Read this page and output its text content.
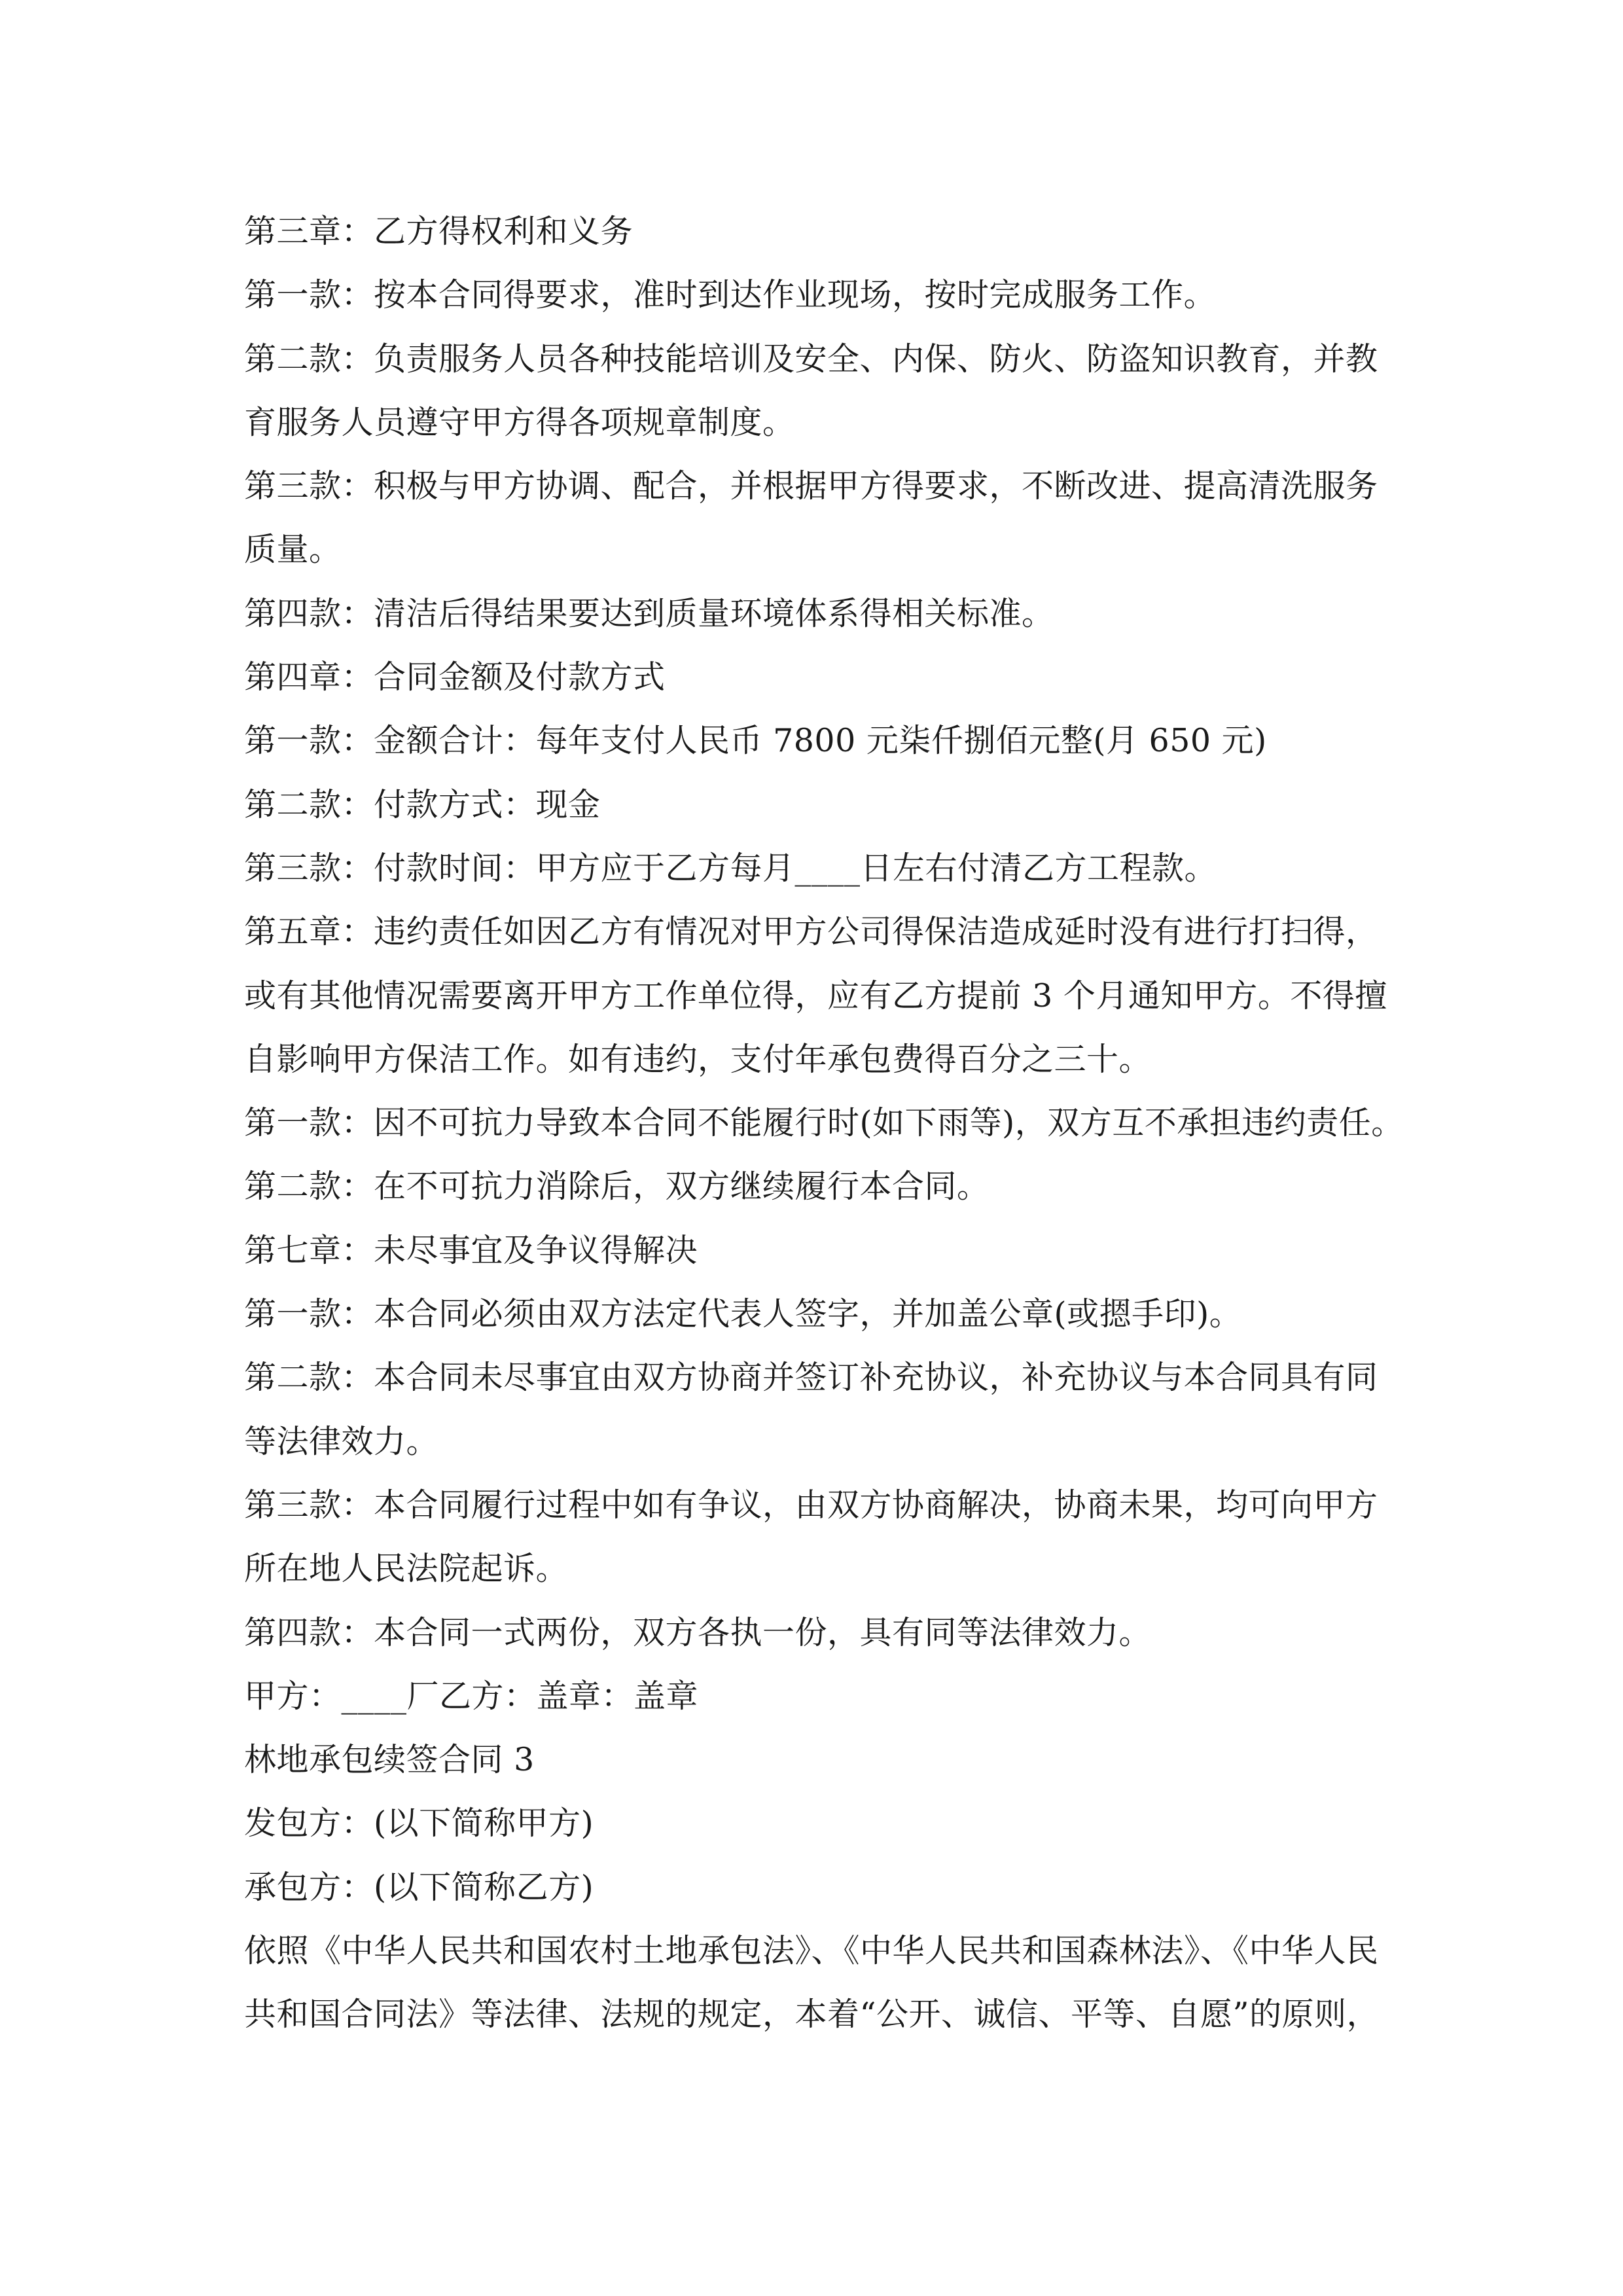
第三章：乙方得权利和义务
第一款：按本合同得要求，准时到达作业现场，按时完成服务工作。
第二款：负责服务人员各种技能培训及安全、内保、防火、防盗知识教育，并教
育服务人员遵守甲方得各项规章制度。
第三款：积极与甲方协调、配合，并根据甲方得要求，不断改进、提高清洗服务
质量。
第四款：清洁后得结果要达到质量环境体系得相关标准。
第四章：合同金额及付款方式
第一款：金额合计：每年支付人民币 7800 元柒仟捌佰元整(月 650 元)
第二款：付款方式：现金
第三款：付款时间：甲方应于乙方每月____日左右付清乙方工程款。
第五章：违约责任如因乙方有情况对甲方公司得保洁造成延时没有进行打扫得，
或有其他情况需要离开甲方工作单位得，应有乙方提前 3 个月通知甲方。不得擅
自影响甲方保洁工作。如有违约，支付年承包费得百分之三十。
第一款：因不可抗力导致本合同不能履行时(如下雨等)，双方互不承担违约责任。
第二款：在不可抗力消除后，双方继续履行本合同。
第七章：未尽事宜及争议得解决
第一款：本合同必须由双方法定代表人签字，并加盖公章(或摁手印)。
第二款：本合同未尽事宜由双方协商并签订补充协议，补充协议与本合同具有同
等法律效力。
第三款：本合同履行过程中如有争议，由双方协商解决，协商未果，均可向甲方
所在地人民法院起诉。
第四款：本合同一式两份，双方各执一份，具有同等法律效力。
甲方：____厂乙方：盖章：盖章
林地承包续签合同 3
发包方：(以下简称甲方)
承包方：(以下简称乙方)
依照《中华人民共和国农村土地承包法》、《中华人民共和国森林法》、《中华人民
共和国合同法》等法律、法规的规定，本着“公开、诚信、平等、自愿”的原则，
